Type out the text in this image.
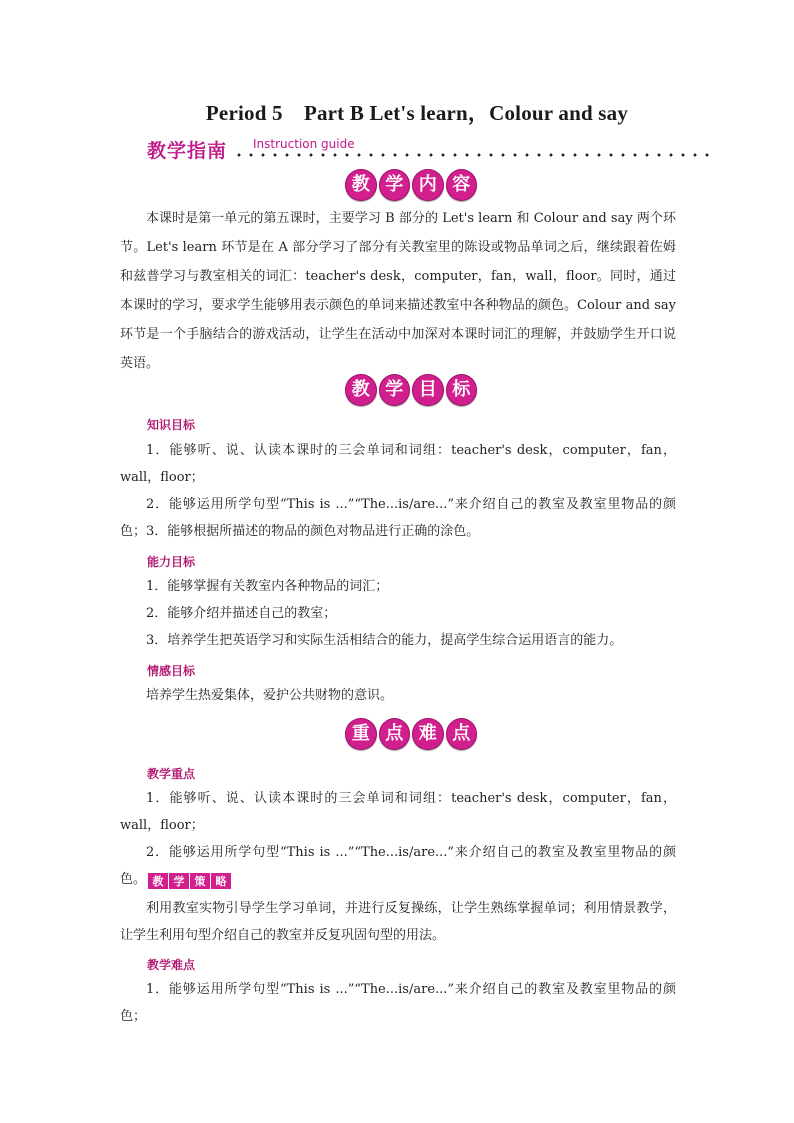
Period 5　Part B Let's learn，Colour and say
教学指南 Instruction guide
教 学 内 容

本课时是第一单元的第五课时，主要学习 B 部分的 Let's learn 和 Colour and say 两个环节。Let's learn 环节是在 A 部分学习了部分有关教室里的陈设或物品单词之后，继续跟着佐姆和兹普学习与教室相关的词汇：teacher's desk，computer，fan，wall，floor。同时，通过本课时的学习，要求学生能够用表示颜色的单词来描述教室中各种物品的颜色。Colour and say 环节是一个手脑结合的游戏活动，让学生在活动中加深对本课时词汇的理解，并鼓励学生开口说英语。

教 学 目 标
知识目标

1．能够听、说、认读本课时的三会单词和词组：teacher's desk，computer，fan，wall，floor；

2．能够运用所学句型“This is ...”“The...is/are...”来介绍自己的教室及教室里物品的颜色； 3．能够根据所描述的物品的颜色对物品进行正确的涂色。

能力目标

1．能够掌握有关教室内各种物品的词汇；

2．能够介绍并描述自己的教室；

3．培养学生把英语学习和实际生活相结合的能力，提高学生综合运用语言的能力。

情感目标

培养学生热爱集体，爱护公共财物的意识。

重 点 难 点
教学重点

1．能够听、说、认读本课时的三会单词和词组：teacher's desk，computer，fan，wall，floor；

2．能够运用所学句型“This is ...”“The...is/are...”来介绍自己的教室及教室里物品的颜色。 教 学 策 略

利用教室实物引导学生学习单词，并进行反复操练，让学生熟练掌握单词；利用情景教学，让学生利用句型介绍自己的教室并反复巩固句型的用法。

教学难点

1．能够运用所学句型“This is ...”“The...is/are...”来介绍自己的教室及教室里物品的颜色；
